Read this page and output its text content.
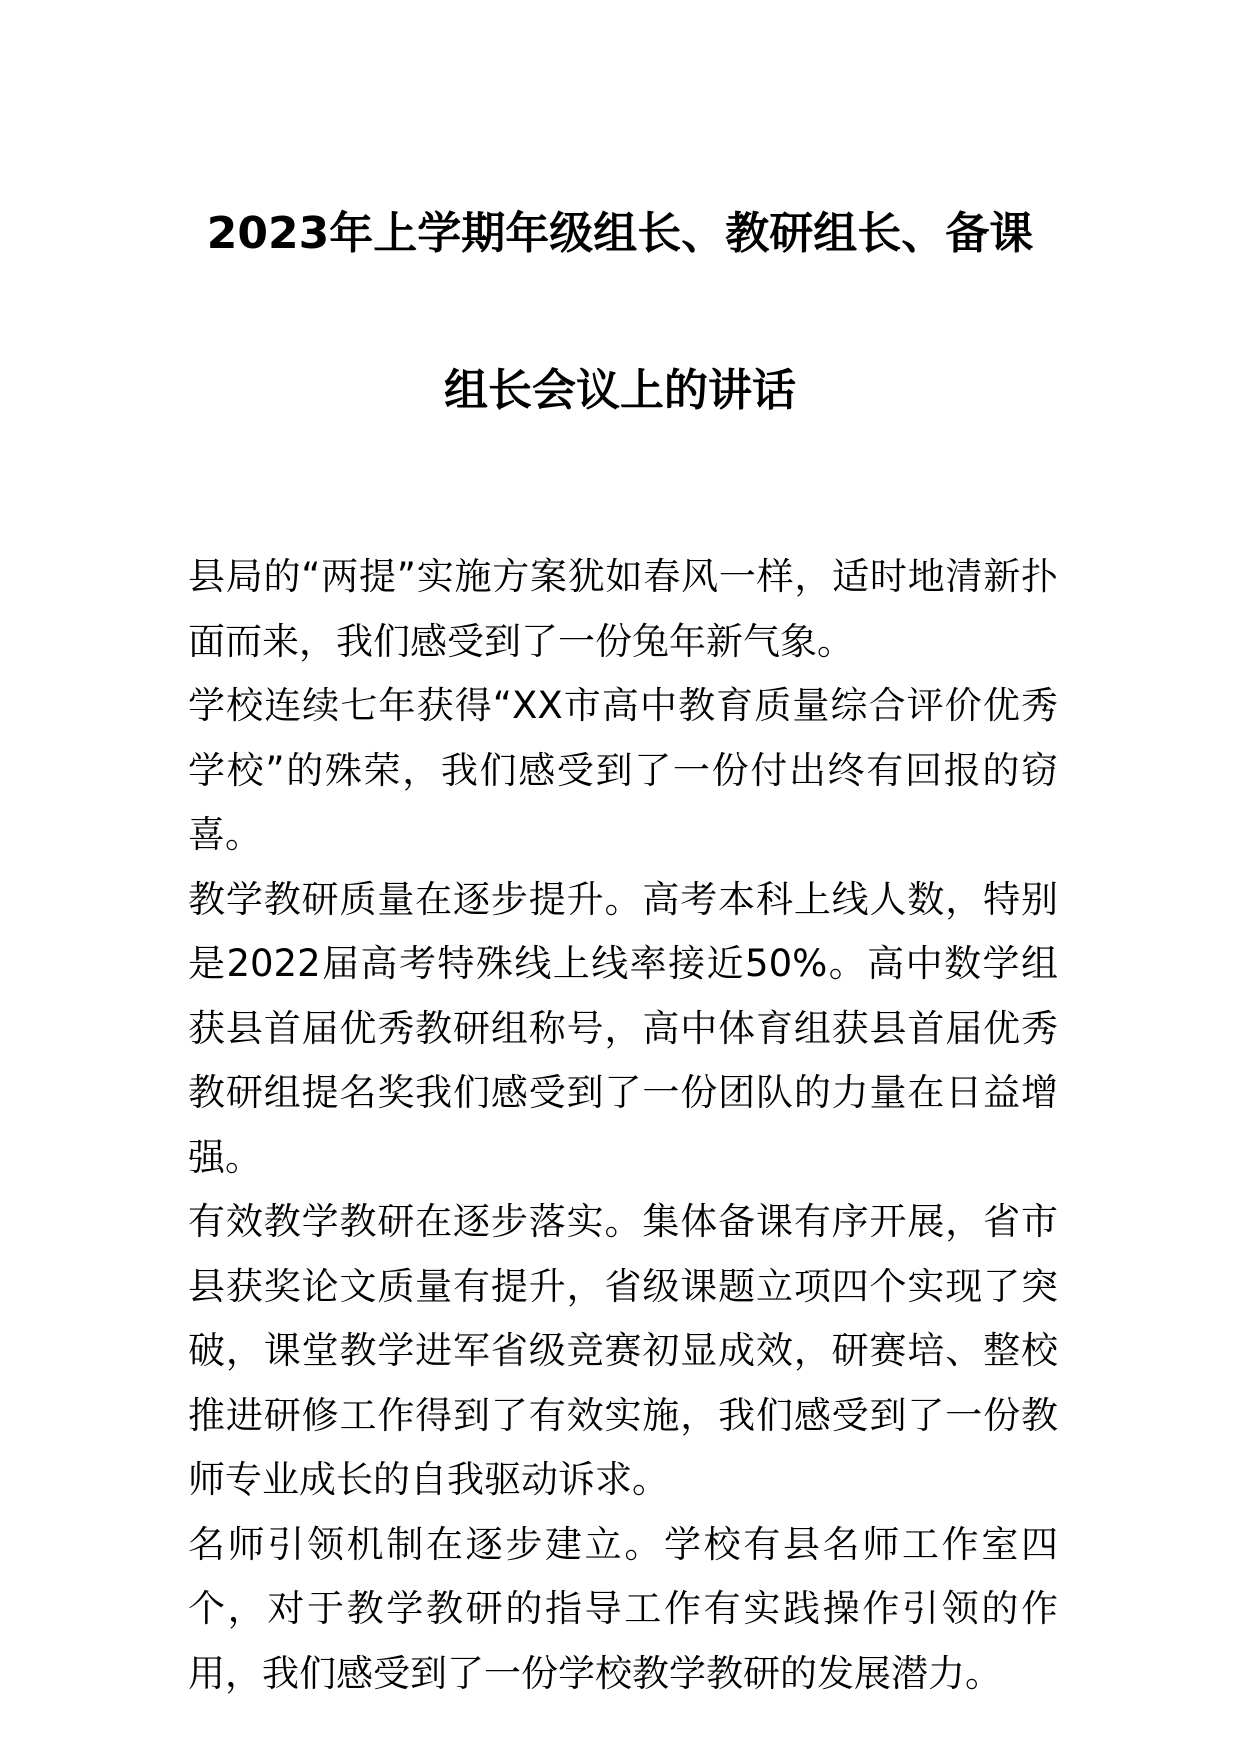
2023年上学期年级组长、教研组长、备课
组长会议上的讲话

县局的“两提”实施方案犹如春风一样，适时地清新扑面而来，我们感受到了一份兔年新气象。

学校连续七年获得“XX市高中教育质量综合评价优秀学校”的殊荣，我们感受到了一份付出终有回报的窃喜。

教学教研质量在逐步提升。高考本科上线人数，特别是2022届高考特殊线上线率接近50%。高中数学组获县首届优秀教研组称号，高中体育组获县首届优秀教研组提名奖我们感受到了一份团队的力量在日益增强。

有效教学教研在逐步落实。集体备课有序开展，省市县获奖论文质量有提升，省级课题立项四个实现了突破，课堂教学进军省级竞赛初显成效，研赛培、整校推进研修工作得到了有效实施，我们感受到了一份教师专业成长的自我驱动诉求。

名师引领机制在逐步建立。学校有县名师工作室四个，对于教学教研的指导工作有实践操作引领的作用，我们感受到了一份学校教学教研的发展潜力。
